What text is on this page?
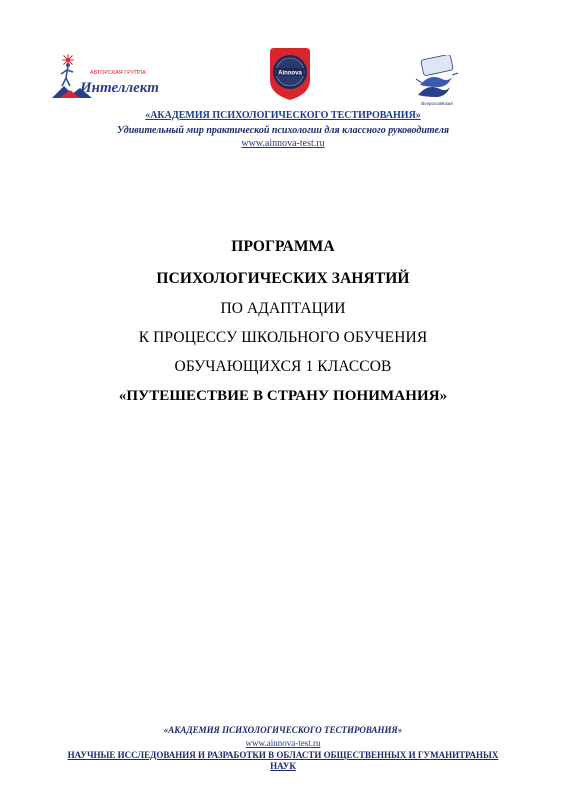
АВТОРСКАЯ ГРУППА
Интеллект
Ainnova
Всероссийская
«АКАДЕМИЯ ПСИХОЛОГИЧЕСКОГО ТЕСТИРОВАНИЯ»
Удивительный мир практической психологии для классного руководителя
www.ainnova-test.ru
ПРОГРАММА
ПСИХОЛОГИЧЕСКИХ ЗАНЯТИЙ
ПО АДАПТАЦИИ
К ПРОЦЕССУ ШКОЛЬНОГО ОБУЧЕНИЯ
ОБУЧАЮЩИХСЯ 1 КЛАССОВ
«ПУТЕШЕСТВИЕ В СТРАНУ ПОНИМАНИЯ»
«АКАДЕМИЯ ПСИХОЛОГИЧЕСКОГО ТЕСТИРОВАНИЯ»
www.ainnova-test.ru
НАУЧНЫЕ ИССЛЕДОВАНИЯ И РАЗРАБОТКИ В ОБЛАСТИ ОБЩЕСТВЕННЫХ И ГУМАНИТРАНЫХ
НАУК
